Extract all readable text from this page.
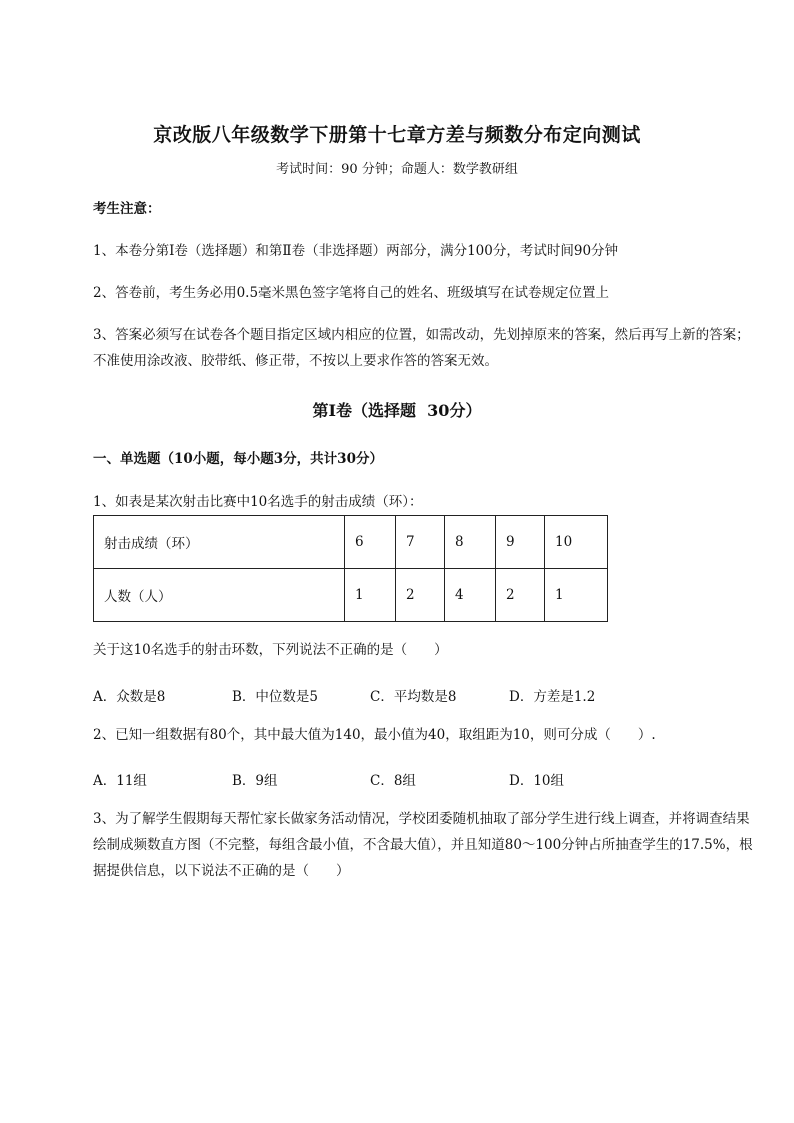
京改版八年级数学下册第十七章方差与频数分布定向测试
考试时间：90 分钟；命题人：数学教研组
考生注意：
1、本卷分第Ⅰ卷（选择题）和第Ⅱ卷（非选择题）两部分，满分100分，考试时间90分钟
2、答卷前，考生务必用0.5毫米黑色签字笔将自己的姓名、班级填写在试卷规定位置上
3、答案必须写在试卷各个题目指定区域内相应的位置，如需改动，先划掉原来的答案，然后再写上新的答案；不准使用涂改液、胶带纸、修正带，不按以上要求作答的答案无效。
第Ⅰ卷（选择题  30分）
一、单选题（10小题，每小题3分，共计30分）
1、如表是某次射击比赛中10名选手的射击成绩（环）：
射击成绩（环）	6	7	8	9	10
人数（人）	1	2	4	2	1
关于这10名选手的射击环数，下列说法不正确的是（　　）
A．众数是8	B．中位数是5	C．平均数是8	D．方差是1.2
2、已知一组数据有80个，其中最大值为140，最小值为40，取组距为10，则可分成（　　）.
A．11组	B．9组	C．8组	D．10组
3、为了解学生假期每天帮忙家长做家务活动情况，学校团委随机抽取了部分学生进行线上调查，并将调查结果绘制成频数直方图（不完整，每组含最小值，不含最大值），并且知道80～100分钟占所抽查学生的17.5%，根据提供信息，以下说法不正确的是（　　）
